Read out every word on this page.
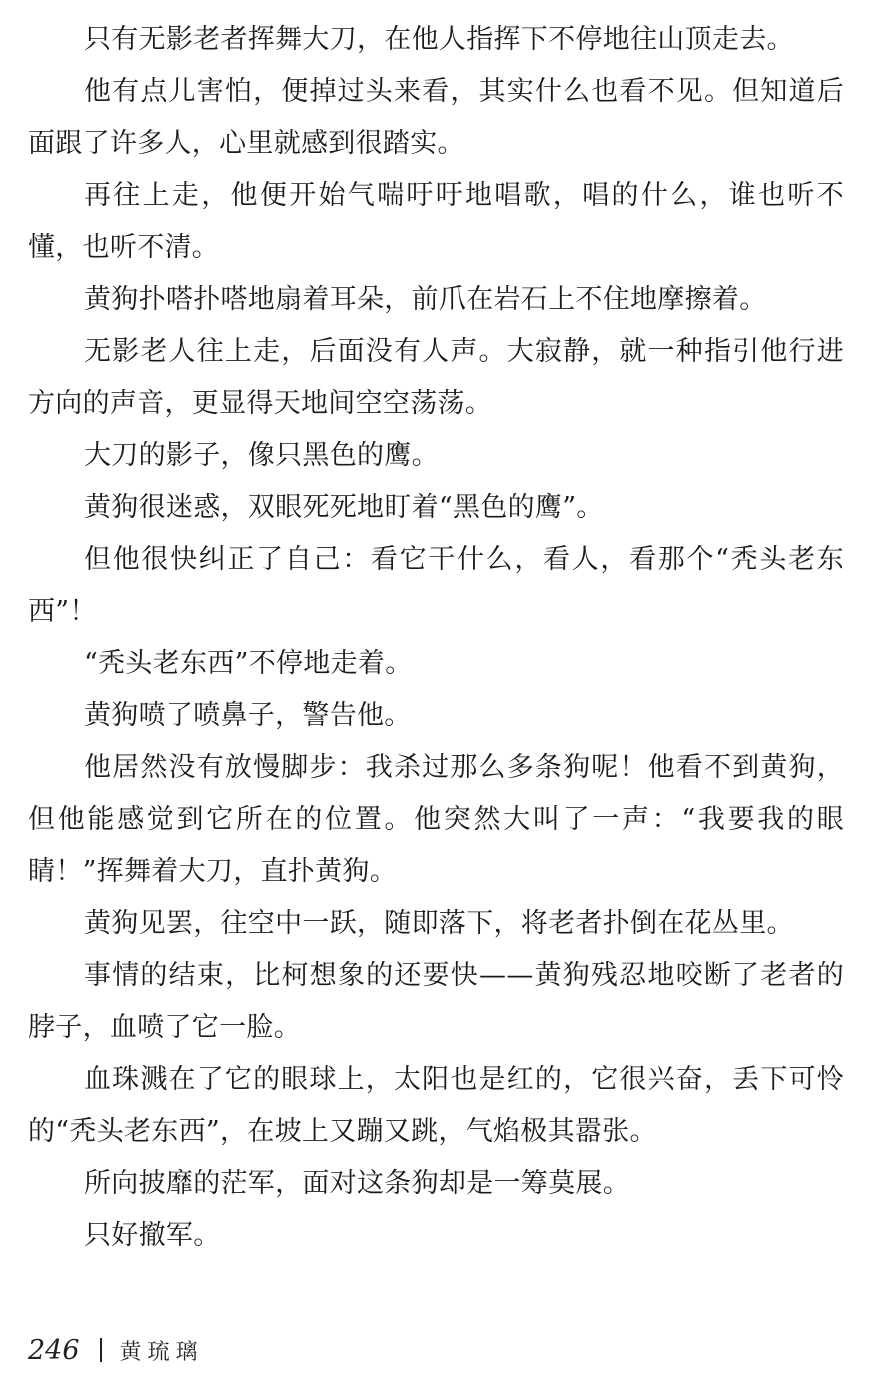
只有无影老者挥舞大刀，在他人指挥下不停地往山顶走去。

他有点儿害怕，便掉过头来看，其实什么也看不见。但知道后面跟了许多人，心里就感到很踏实。

再往上走，他便开始气喘吁吁地唱歌，唱的什么，谁也听不懂，也听不清。

黄狗扑嗒扑嗒地扇着耳朵，前爪在岩石上不住地摩擦着。

无影老人往上走，后面没有人声。大寂静，就一种指引他行进方向的声音，更显得天地间空空荡荡。

大刀的影子，像只黑色的鹰。

黄狗很迷惑，双眼死死地盯着“黑色的鹰”。

但他很快纠正了自己：看它干什么，看人，看那个“秃头老东西”！

“秃头老东西”不停地走着。

黄狗喷了喷鼻子，警告他。

他居然没有放慢脚步：我杀过那么多条狗呢！他看不到黄狗，但他能感觉到它所在的位置。他突然大叫了一声：“我要我的眼睛！”挥舞着大刀，直扑黄狗。

黄狗见罢，往空中一跃，随即落下，将老者扑倒在花丛里。

事情的结束，比柯想象的还要快——黄狗残忍地咬断了老者的脖子，血喷了它一脸。

血珠溅在了它的眼球上，太阳也是红的，它很兴奋，丢下可怜的“秃头老东西”，在坡上又蹦又跳，气焰极其嚣张。

所向披靡的茫军，面对这条狗却是一筹莫展。

只好撤军。

246 黄琉璃
